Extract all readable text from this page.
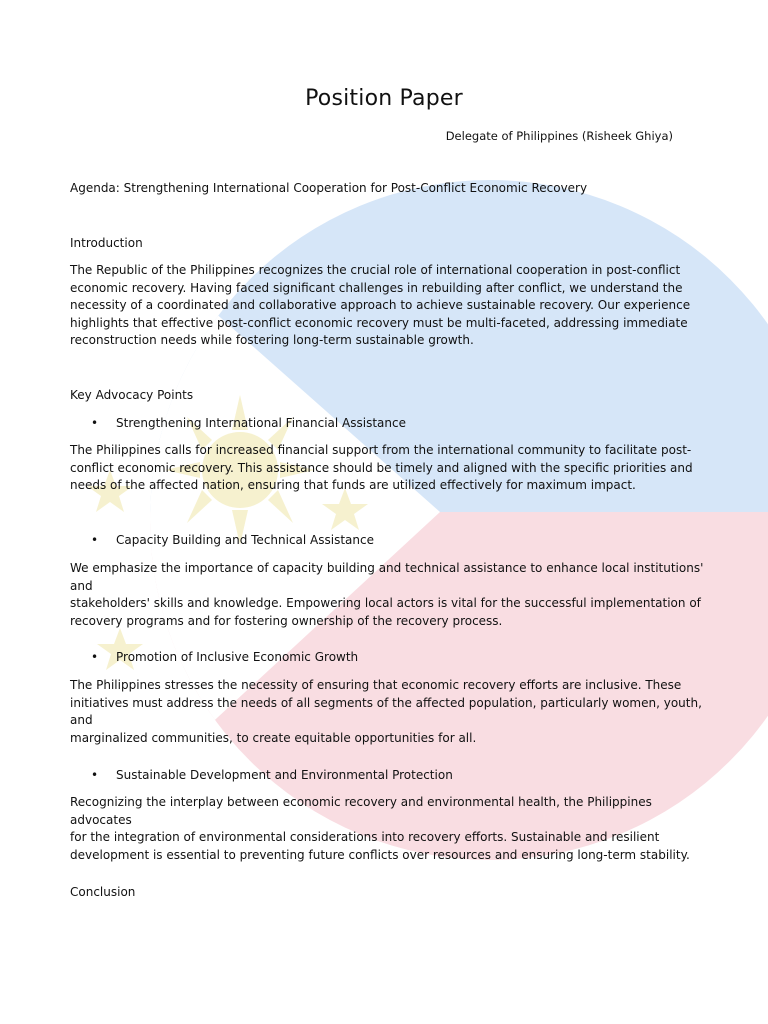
Position Paper
Delegate of Philippines (Risheek Ghiya)
Agenda: Strengthening International Cooperation for Post-Conflict Economic Recovery
Introduction
The Republic of the Philippines recognizes the crucial role of international cooperation in post-conflict
economic recovery. Having faced significant challenges in rebuilding after conflict, we understand the
necessity of a coordinated and collaborative approach to achieve sustainable recovery. Our experience
highlights that effective post-conflict economic recovery must be multi-faceted, addressing immediate
reconstruction needs while fostering long-term sustainable growth.
Key Advocacy Points
• Strengthening International Financial Assistance
The Philippines calls for increased financial support from the international community to facilitate post-
conflict economic recovery. This assistance should be timely and aligned with the specific priorities and
needs of the affected nation, ensuring that funds are utilized effectively for maximum impact.
• Capacity Building and Technical Assistance
We emphasize the importance of capacity building and technical assistance to enhance local institutions' and
stakeholders' skills and knowledge. Empowering local actors is vital for the successful implementation of
recovery programs and for fostering ownership of the recovery process.
• Promotion of Inclusive Economic Growth
The Philippines stresses the necessity of ensuring that economic recovery efforts are inclusive. These
initiatives must address the needs of all segments of the affected population, particularly women, youth, and
marginalized communities, to create equitable opportunities for all.
• Sustainable Development and Environmental Protection
Recognizing the interplay between economic recovery and environmental health, the Philippines advocates
for the integration of environmental considerations into recovery efforts. Sustainable and resilient
development is essential to preventing future conflicts over resources and ensuring long-term stability.
Conclusion
